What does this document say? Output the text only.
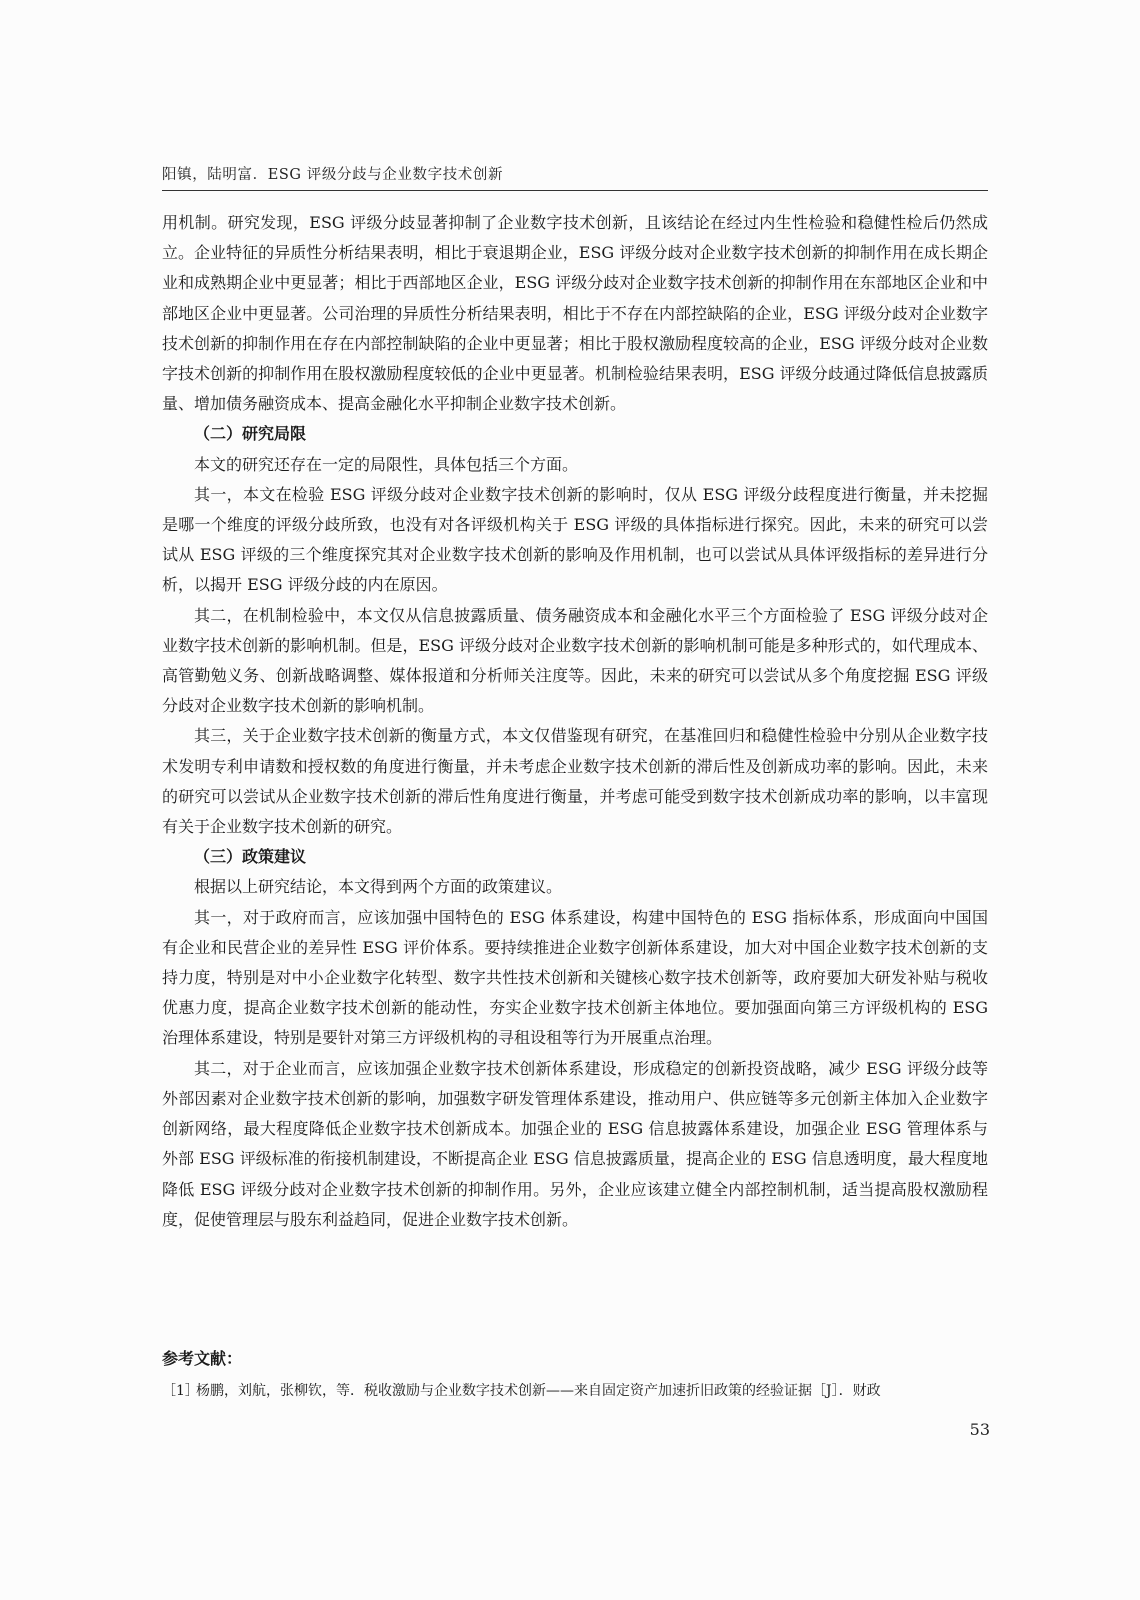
阳镇，陆明富．ESG 评级分歧与企业数字技术创新

用机制。研究发现，ESG 评级分歧显著抑制了企业数字技术创新，且该结论在经过内生性检验和稳健性检后仍然成立。企业特征的异质性分析结果表明，相比于衰退期企业，ESG 评级分歧对企业数字技术创新的抑制作用在成长期企业和成熟期企业中更显著；相比于西部地区企业，ESG 评级分歧对企业数字技术创新的抑制作用在东部地区企业和中部地区企业中更显著。公司治理的异质性分析结果表明，相比于不存在内部控缺陷的企业，ESG 评级分歧对企业数字技术创新的抑制作用在存在内部控制缺陷的企业中更显著；相比于股权激励程度较高的企业，ESG 评级分歧对企业数字技术创新的抑制作用在股权激励程度较低的企业中更显著。机制检验结果表明，ESG 评级分歧通过降低信息披露质量、增加债务融资成本、提高金融化水平抑制企业数字技术创新。

（二）研究局限

本文的研究还存在一定的局限性，具体包括三个方面。

其一，本文在检验 ESG 评级分歧对企业数字技术创新的影响时，仅从 ESG 评级分歧程度进行衡量，并未挖掘是哪一个维度的评级分歧所致，也没有对各评级机构关于 ESG 评级的具体指标进行探究。因此，未来的研究可以尝试从 ESG 评级的三个维度探究其对企业数字技术创新的影响及作用机制，也可以尝试从具体评级指标的差异进行分析，以揭开 ESG 评级分歧的内在原因。

其二，在机制检验中，本文仅从信息披露质量、债务融资成本和金融化水平三个方面检验了 ESG 评级分歧对企业数字技术创新的影响机制。但是，ESG 评级分歧对企业数字技术创新的影响机制可能是多种形式的，如代理成本、高管勤勉义务、创新战略调整、媒体报道和分析师关注度等。因此，未来的研究可以尝试从多个角度挖掘 ESG 评级分歧对企业数字技术创新的影响机制。

其三，关于企业数字技术创新的衡量方式，本文仅借鉴现有研究，在基准回归和稳健性检验中分别从企业数字技术发明专利申请数和授权数的角度进行衡量，并未考虑企业数字技术创新的滞后性及创新成功率的影响。因此，未来的研究可以尝试从企业数字技术创新的滞后性角度进行衡量，并考虑可能受到数字技术创新成功率的影响，以丰富现有关于企业数字技术创新的研究。

（三）政策建议

根据以上研究结论，本文得到两个方面的政策建议。

其一，对于政府而言，应该加强中国特色的 ESG 体系建设，构建中国特色的 ESG 指标体系，形成面向中国国有企业和民营企业的差异性 ESG 评价体系。要持续推进企业数字创新体系建设，加大对中国企业数字技术创新的支持力度，特别是对中小企业数字化转型、数字共性技术创新和关键核心数字技术创新等，政府要加大研发补贴与税收优惠力度，提高企业数字技术创新的能动性，夯实企业数字技术创新主体地位。要加强面向第三方评级机构的 ESG 治理体系建设，特别是要针对第三方评级机构的寻租设租等行为开展重点治理。

其二，对于企业而言，应该加强企业数字技术创新体系建设，形成稳定的创新投资战略，减少 ESG 评级分歧等外部因素对企业数字技术创新的影响，加强数字研发管理体系建设，推动用户、供应链等多元创新主体加入企业数字创新网络，最大程度降低企业数字技术创新成本。加强企业的 ESG 信息披露体系建设，加强企业 ESG 管理体系与外部 ESG 评级标准的衔接机制建设，不断提高企业 ESG 信息披露质量，提高企业的 ESG 信息透明度，最大程度地降低 ESG 评级分歧对企业数字技术创新的抑制作用。另外，企业应该建立健全内部控制机制，适当提高股权激励程度，促使管理层与股东利益趋同，促进企业数字技术创新。

参考文献：
［1］杨鹏，刘航，张柳钦，等．税收激励与企业数字技术创新——来自固定资产加速折旧政策的经验证据［J］．财政
53
